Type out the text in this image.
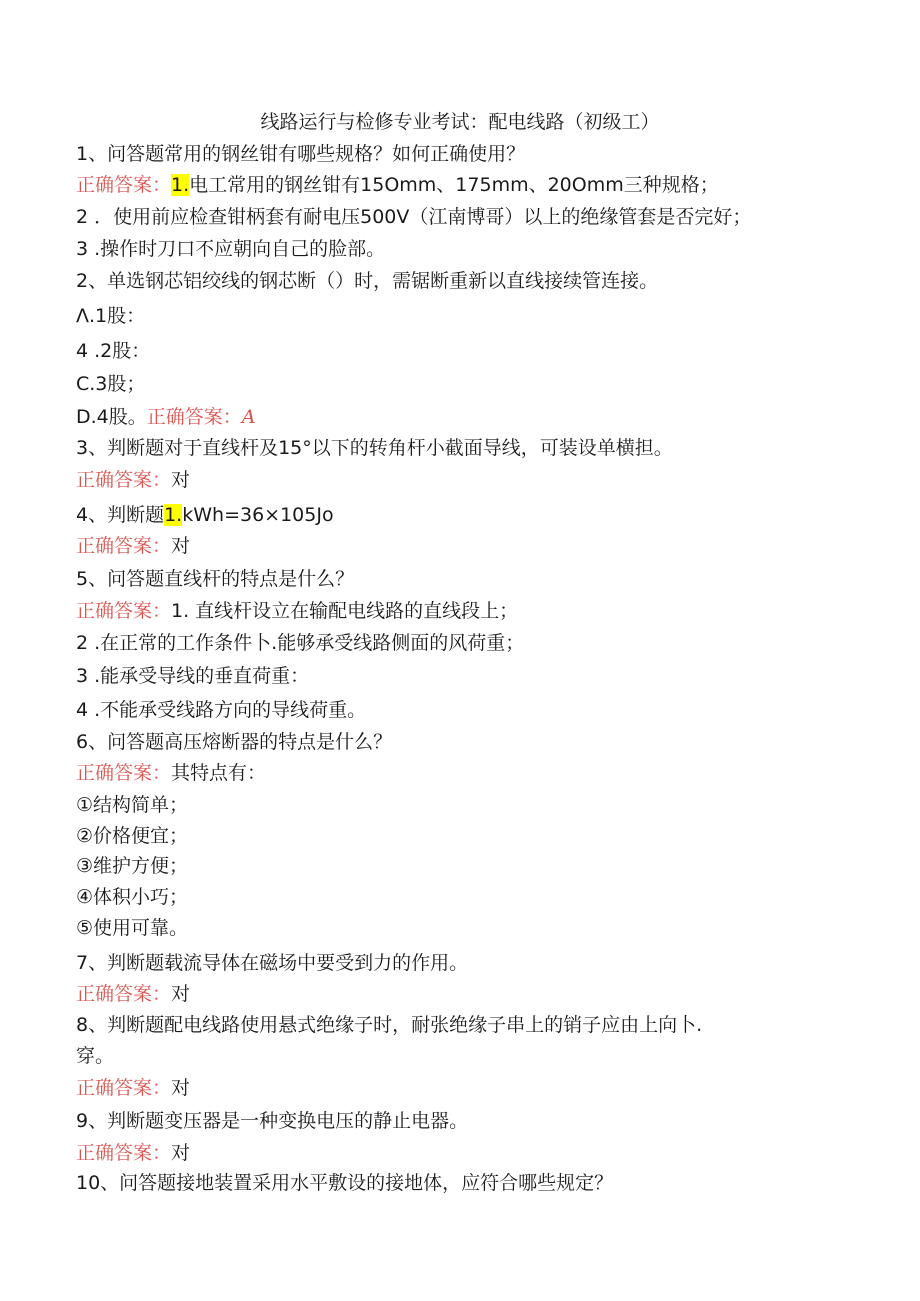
线路运行与检修专业考试：配电线路（初级工）
1、问答题常用的钢丝钳有哪些规格？如何正确使用？
正确答案：1.电工常用的钢丝钳有15Omm、175mm、20Omm三种规格；
2 ．使用前应检查钳柄套有耐电压500V（江南博哥）以上的绝缘管套是否完好；
3 .操作时刀口不应朝向自己的脸部。
2、单选钢芯铝绞线的钢芯断（）时，需锯断重新以直线接续管连接。
Λ.1股：
4 .2股：
C.3股；
D.4股。正确答案：A
3、判断题对于直线杆及15°以下的转角杆小截面导线，可装设单横担。
正确答案：对
4、判断题1.kWh=36×105Jo
正确答案：对
5、问答题直线杆的特点是什么？
正确答案：1. 直线杆设立在输配电线路的直线段上；
2 .在正常的工作条件卜.能够承受线路侧面的风荷重；
3 .能承受导线的垂直荷重：
4 .不能承受线路方向的导线荷重。
6、问答题高压熔断器的特点是什么？
正确答案：其特点有：
①结构简单；
②价格便宜；
③维护方便；
④体积小巧；
⑤使用可靠。
7、判断题载流导体在磁场中要受到力的作用。
正确答案：对
8、判断题配电线路使用悬式绝缘子时，耐张绝缘子串上的销子应由上向卜.
穿。
正确答案：对
9、判断题变压器是一种变换电压的静止电器。
正确答案：对
10、问答题接地装置采用水平敷设的接地体，应符合哪些规定？
